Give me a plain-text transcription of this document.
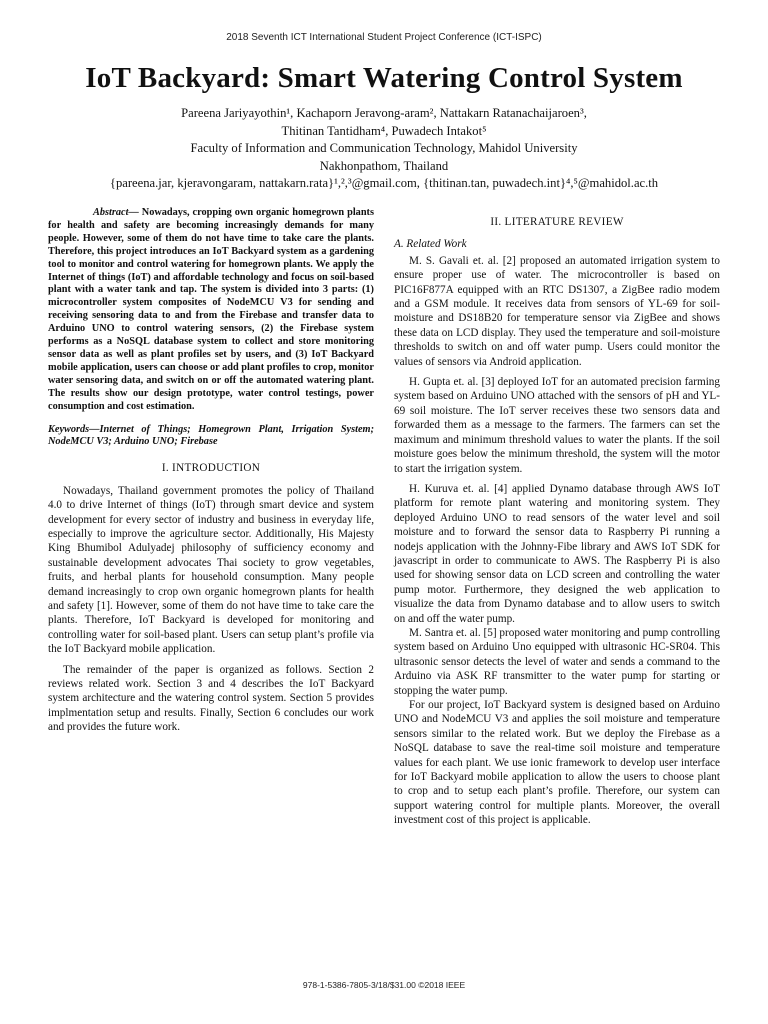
2018 Seventh ICT International Student Project Conference (ICT-ISPC)
IoT Backyard: Smart Watering Control System

Pareena Jariyayothin¹, Kachaporn Jeravong-aram², Nattakarn Ratanachaijaroen³,

Thitinan Tantidham⁴, Puwadech Intakot⁵

Faculty of Information and Communication Technology, Mahidol University

Nakhonpathom, Thailand

{pareena.jar, kjeravongaram, nattakarn.rata}¹,²,³@gmail.com, {thitinan.tan, puwadech.int}⁴,⁵@mahidol.ac.th

Abstract— Nowadays, cropping own organic homegrown plants for health and safety are becoming increasingly demands for many people. However, some of them do not have time to take care the plants. Therefore, this project introduces an IoT Backyard system as a gardening tool to monitor and control watering for homegrown plants. We apply the Internet of things (IoT) and affordable technology and focus on soil-based plant with a water tank and tap. The system is divided into 3 parts: (1) microcontroller system composites of NodeMCU V3 for sending and receiving sensoring data to and from the Firebase and transfer data to Arduino UNO to control watering sensors, (2) the Firebase system performs as a NoSQL database system to collect and store monitoring sensor data as well as plant profiles set by users, and (3) IoT Backyard mobile application, users can choose or add plant profiles to crop, monitor water sensoring data, and switch on or off the automated watering plant. The results show our design prototype, water control testings, power consumption and cost estimation.

Keywords—Internet of Things; Homegrown Plant, Irrigation System; NodeMCU V3; Arduino UNO; Firebase

I. INTRODUCTION

Nowadays, Thailand government promotes the policy of Thailand 4.0 to drive Internet of things (IoT) through smart device and system development for every sector of industry and business in everyday life, especially to improve the agriculture sector. Additionally, His Majesty King Bhumibol Adulyadej philosophy of sufficiency economy and sustainable development advocates Thai society to grow vegetables, fruits, and herbal plants for household consumption. Many people demand increasingly to crop own organic homegrown plants for health and safety [1]. However, some of them do not have time to take care the plants. Therefore, IoT Backyard is developed for monitoring and controlling water for soil-based plant. Users can setup plant’s profile via the IoT Backyard mobile application.

The remainder of the paper is organized as follows. Section 2 reviews related work. Section 3 and 4 describes the IoT Backyard system architecture and the watering control system. Section 5 provides implmentation setup and results. Finally, Section 6 concludes our work and provides the future work.

II. LITERATURE REVIEW
A. Related Work

M. S. Gavali et. al. [2] proposed an automated irrigation system to ensure proper use of water. The microcontroller is based on PIC16F877A equipped with an RTC DS1307, a ZigBee radio modem and a GSM module. It receives data from sensors of YL-69 for soil-moisture and DS18B20 for temperature sensor via ZigBee and shows these data on LCD display. They used the temperature and soil-moisture thresholds to switch on and off water pump. Users could monitor the values of sensors via Android application.

H. Gupta et. al. [3] deployed IoT for an automated precision farming system based on Arduino UNO attached with the sensors of pH and YL-69 soil moisture. The IoT server receives these two sensors data and forwarded them as a message to the farmers. The farmers can set the maximum and minimum threshold values to water the plants. If the soil moisture goes below the minimum threshold, the system will the motor to start the irrigation system.

H. Kuruva et. al. [4] applied Dynamo database through AWS IoT platform for remote plant watering and monitoring system. They deployed Arduino UNO to read sensors of the water level and soil moisture and to forward the sensor data to Raspberry Pi running a nodejs application with the Johnny-Fibe library and AWS IoT SDK for javascript in order to communicate to AWS. The Raspberry Pi is also used for showing sensor data on LCD screen and controlling the water pump motor. Furthermore, they designed the web application to visualize the data from Dynamo database and to allow users to switch on and off the water pump.

M. Santra et. al. [5] proposed water monitoring and pump controlling system based on Arduino Uno equipped with ultrasonic HC-SR04. This ultrasonic sensor detects the level of water and sends a command to the Arduino via ASK RF transmitter to the water pump for starting or stopping the water pump.

For our project, IoT Backyard system is designed based on Arduino UNO and NodeMCU V3 and applies the soil moisture and temperature sensors similar to the related work. But we deploy the Firebase as a NoSQL database to save the real-time soil moisture and temperature values for each plant. We use ionic framework to develop user interface for IoT Backyard mobile application to allow the users to choose plant to crop and to setup each plant’s profile. Therefore, our system can support watering control for multiple plants. Moreover, the overall investment cost of this project is applicable.

978-1-5386-7805-3/18/$31.00 ©2018 IEEE
